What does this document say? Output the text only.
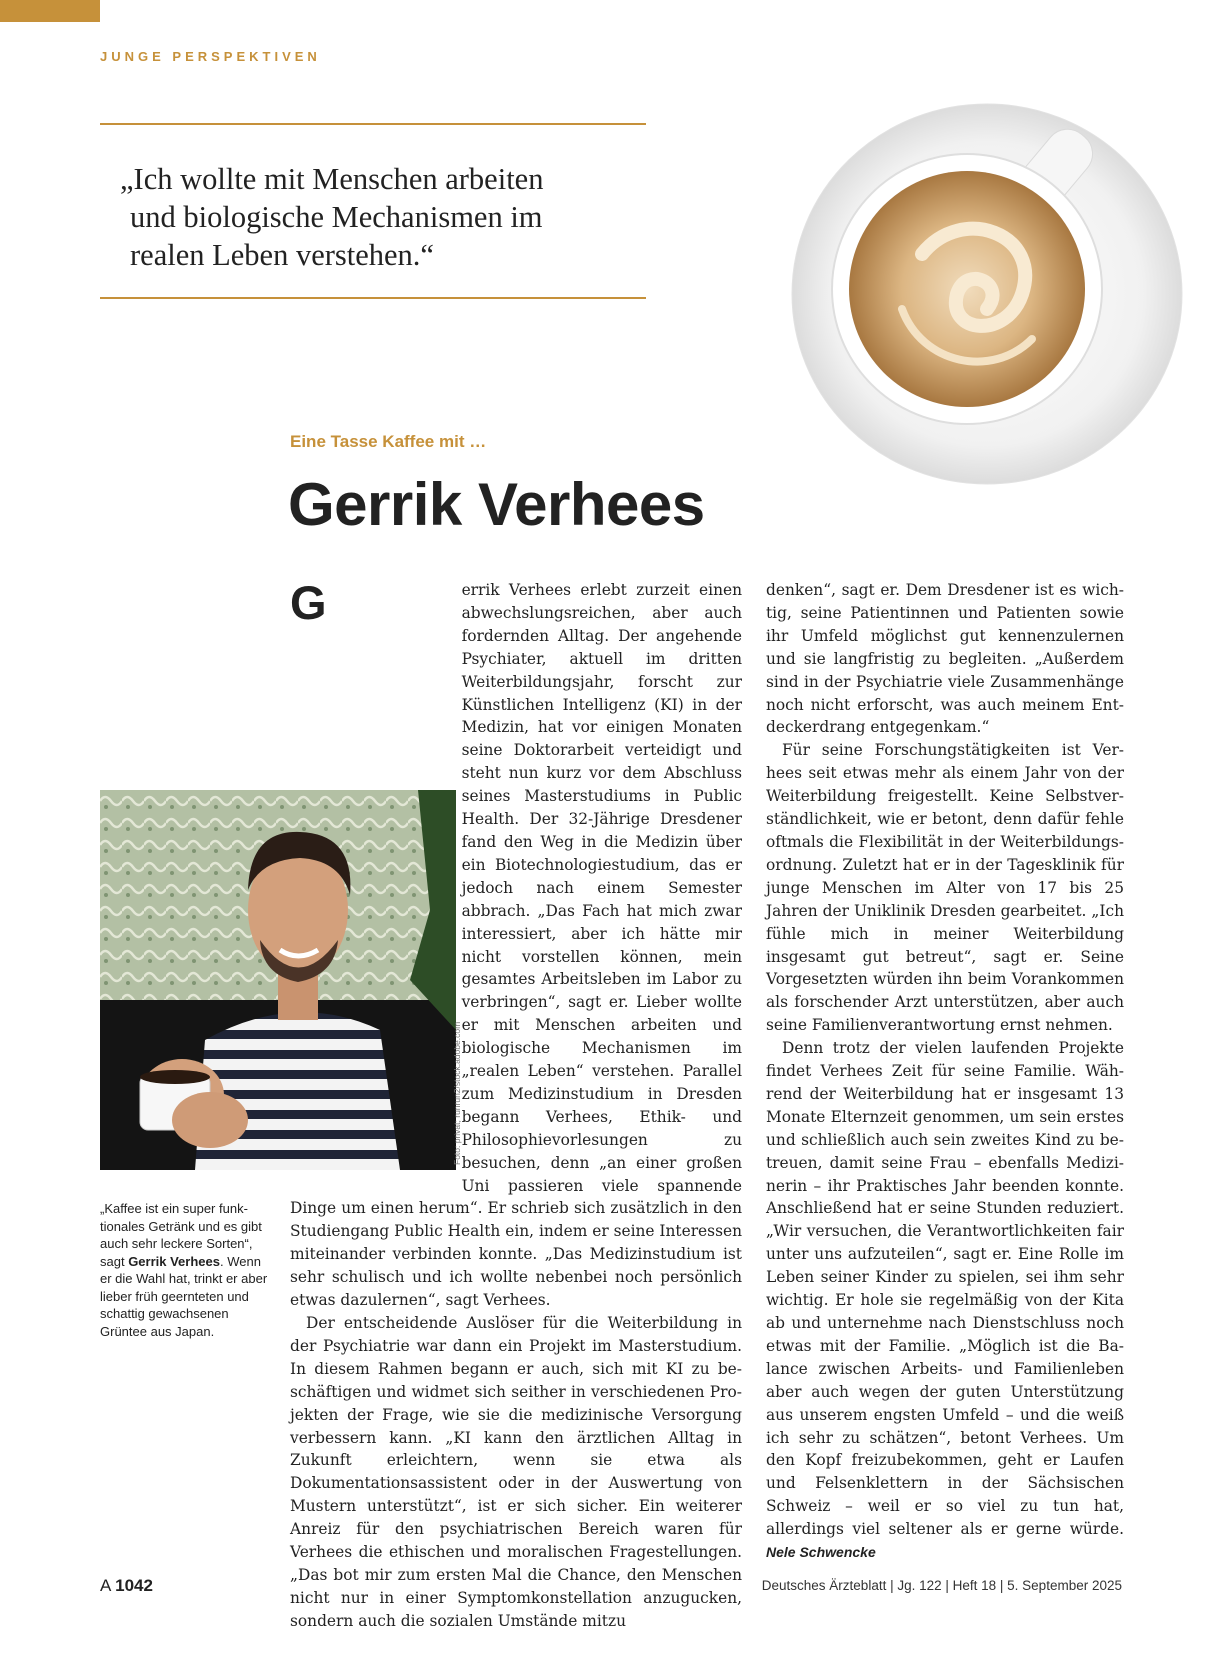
JUNGE PERSPEKTIVEN
„Ich wollte mit Menschen arbeiten
und biologische Mechanismen im
realen Leben verstehen.“
Eine Tasse Kaffee mit …
Gerrik Verhees
Foto: privat; runrun2/stock.adobe.com

G	errik Verhees erlebt zurzeit einen abwechslungsreichen, aber auch fordernden Alltag. Der angehende Psychiater, aktuell im dritten Weiterbildungsjahr, forscht zur Künstlichen Intelligenz (KI) in der Medizin, hat vor einigen Monaten seine Doktorarbeit verteidigt und steht nun kurz vor dem Abschluss seines Masterstudiums in Public Health. Der 32-Jährige Dresdener fand den Weg in die Medizin über ein Biotechnologiestudium, das er jedoch nach einem Semester abbrach. „Das Fach hat mich zwar interessiert, aber ich hätte mir nicht vorstellen können, mein gesamtes Arbeitsleben im Labor zu verbringen“, sagt er. Lieber wollte er mit Menschen arbeiten und biologische Mechanismen im „realen Leben“ verstehen. Parallel zum Medizinstudium in Dresden begann Verhees, Ethik- und Philosophievorlesungen zu besuchen, denn „an einer großen Uni passieren viele spannende Dinge um einen herum“. Er schrieb sich zusätzlich in den Studiengang Public Health ein, indem er seine Interessen miteinander verbinden konnte. „Das Medizinstudium ist sehr schulisch und ich wollte nebenbei noch persönlich etwas dazulernen“, sagt Verhees.

Der entscheidende Auslöser für die Weiterbildung in der Psychiatrie war dann ein Projekt im Masterstudium. In diesem Rahmen begann er auch, sich mit KI zu beschäftigen und widmet sich seither in verschiedenen Projekten der Frage, wie sie die medizinische Versorgung verbessern kann. „KI kann den ärztlichen Alltag in Zukunft erleichtern, wenn sie etwa als Dokumentationsassistent oder in der Auswertung von Mustern unterstützt“, ist er sich sicher. Ein weiterer Anreiz für den psychiatrischen Bereich waren für Verhees die ethischen und moralischen Fragestellungen. „Das bot mir zum ersten Mal die Chance, den Menschen nicht nur in einer Symptomkonstellation anzugucken, sondern auch die sozialen Umstände mitzu

denken“, sagt er. Dem Dresdener ist es wichtig, seine Patientinnen und Patienten sowie ihr Umfeld möglichst gut kennenzulernen und sie langfristig zu begleiten. „Außerdem sind in der Psychiatrie viele Zusammenhänge noch nicht erforscht, was auch meinem Entdeckerdrang entgegenkam.“

Für seine Forschungstätigkeiten ist Verhees seit etwas mehr als einem Jahr von der Weiterbildung freigestellt. Keine Selbstverständlichkeit, wie er betont, denn dafür fehle oftmals die Flexibilität in der Weiterbildungsordnung. Zuletzt hat er in der Tagesklinik für junge Menschen im Alter von 17 bis 25 Jahren der Uniklinik Dresden gearbeitet. „Ich fühle mich in meiner Weiterbildung insgesamt gut betreut“, sagt er. Seine Vorgesetzten würden ihn beim Vorankommen als forschender Arzt unterstützen, aber auch seine Familienverantwortung ernst nehmen.

Denn trotz der vielen laufenden Projekte findet Verhees Zeit für seine Familie. Während der Weiterbildung hat er insgesamt 13 Monate Elternzeit genommen, um sein erstes und schließlich auch sein zweites Kind zu betreuen, damit seine Frau – ebenfalls Medizinerin – ihr Praktisches Jahr beenden konnte. Anschließend hat er seine Stunden reduziert. „Wir versuchen, die Verantwortlichkeiten fair unter uns aufzuteilen“, sagt er. Eine Rolle im Leben seiner Kinder zu spielen, sei ihm sehr wichtig. Er hole sie regelmäßig von der Kita ab und unternehme nach Dienstschluss noch etwas mit der Familie. „Möglich ist die Balance zwischen Arbeits- und Familienleben aber auch wegen der guten Unterstützung aus unserem engsten Umfeld – und die weiß ich sehr zu schätzen“, betont Verhees. Um den Kopf freizubekommen, geht er Laufen und Felsenklettern in der Sächsischen Schweiz – weil er so viel zu tun hat, allerdings viel seltener als er gerne würde. Nele Schwencke

„Kaffee ist ein super funktionales Getränk und es gibt auch sehr leckere Sorten“, sagt Gerrik Verhees. Wenn er die Wahl hat, trinkt er aber lieber früh geernteten und schattig gewachsenen Grüntee aus Japan.
A 1042	Deutsches Ärzteblatt | Jg. 122 | Heft 18 | 5. September 2025
